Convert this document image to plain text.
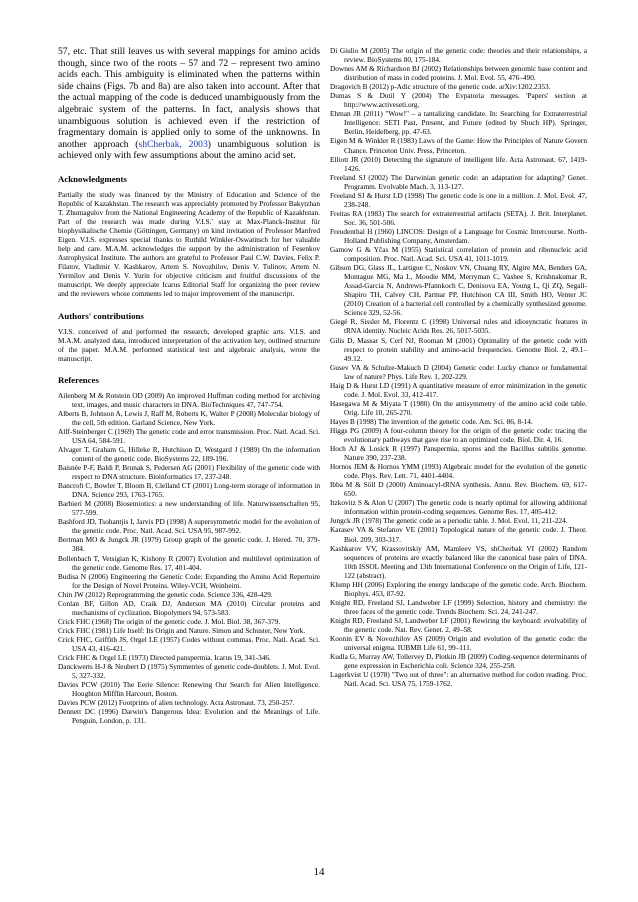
57, etc. That still leaves us with several mappings for amino acids though, since two of the roots – 57 and 72 – represent two amino acids each. This ambiguity is eliminated when the patterns within side chains (Figs. 7b and 8a) are also taken into account. After that the actual mapping of the code is deduced unambiguously from the algebraic system of the patterns. In fact, analysis shows that unambiguous solution is achieved even if the restriction of fragmentary domain is applied only to some of the unknowns. In another approach (shCherbak, 2003) unambiguous solution is achieved only with few assumptions about the amino acid set.

Acknowledgments

Partially the study was financed by the Ministry of Education and Science of the Republic of Kazakhstan. The research was appreciably promoted by Professor Bakytzhan T. Zhumagulov from the National Engineering Academy of the Republic of Kazakhstan. Part of the research was made during V.I.S.' stay at Max-Planck-Institut für biophysikalische Chemie (Göttingen, Germany) on kind invitation of Professor Manfred Eigen. V.I.S. expresses special thanks to Ruthild Winkler-Oswatitsch for her valuable help and care. M.A.M. acknowledges the support by the administration of Fesenkov Astrophysical Institute. The authors are grateful to Professor Paul C.W. Davies, Felix P. Filatov, Vladimir V. Kashkarov, Artem S. Novozhilov, Denis V. Tulinov, Artem N. Yermilov and Denis V. Yurin for objective criticism and fruitful discussions of the manuscript. We deeply appreciate Icarus Editorial Staff for organizing the peer review and the reviewers whose comments led to major improvement of the manuscript.

Authors' contributions

V.I.S. conceived of and performed the research, developed graphic arts. V.I.S. and M.A.M. analyzed data, introduced interpretation of the activation key, outlined structure of the paper. M.A.M. performed statistical test and algebraic analysis, wrote the manuscript.

References
Ailenberg M & Rotstein OD (2009) An improved Huffman coding method for archiving text, images, and music characters in DNA. BioTechniques 47, 747-754.
Alberts B, Johnson A, Lewis J, Raff M, Roberts K, Walter P (2008) Molecular biology of the cell, 5th edition. Garland Science, New York.
Alff-Steinberger C (1969) The genetic code and error transmission. Proc. Natl. Acad. Sci. USA 64, 584-591.
Alvager T, Graham G, Hilleke R, Hutchison D, Westgard J (1989) On the information content of the genetic code. BioSystems 22, 189-196.
Baisnée P-F, Baldi P, Brunak S, Pedersen AG (2001) Flexibility of the genetic code with respect to DNA structure. Bioinformatics 17, 237-248.
Bancroft C, Bowler T, Bloom B, Clelland CT (2001) Long-term storage of information in DNA. Science 293, 1763-1765.
Barbieri M (2008) Biosemiotics: a new understanding of life. Naturwissenschaften 95, 577-599.
Bashford JD, Tsohantjis I, Jarvis PD (1998) A supersymmetric model for the evolution of the genetic code. Proc. Natl. Acad. Sci. USA 95, 987-992.
Bertman MO & Jungck JR (1979) Group graph of the genetic code. J. Hered. 70, 379-384.
Bollenbach T, Vetsigian K, Kishony R (2007) Evolution and multilevel optimization of the genetic code. Genome Res. 17, 401-404.
Budisa N (2006) Engineering the Genetic Code: Expanding the Amino Acid Repertoire for the Design of Novel Proteins. Wiley-VCH, Weinheim.
Chin JW (2012) Reprogramming the genetic code. Science 336, 428-429.
Conlan BF, Gillon AD, Craik DJ, Anderson MA (2010) Circular proteins and mechanisms of cyclization. Biopolymers 94, 573-583.
Crick FHC (1968) The origin of the genetic code. J. Mol. Biol. 38, 367-379.
Crick FHC (1981) Life Itself: Its Origin and Nature. Simon and Schuster, New York.
Crick FHC, Griffith JS, Orgel LE (1957) Codes without commas. Proc. Natl. Acad. Sci. USA 43, 416-421.
Crick FHC & Orgel LE (1973) Directed panspermia. Icarus 19, 341-346.
Danckwerts H-J & Neubert D (1975) Symmetries of genetic code-doublets. J. Mol. Evol. 5, 327-332.
Davies PCW (2010) The Eerie Silence: Renewing Our Search for Alien Intelligence. Houghton Mifflin Harcourt, Boston.
Davies PCW (2012) Footprints of alien technology. Acta Astronaut. 73, 250-257.
Dennett DC (1996) Darwin's Dangerous Idea: Evolution and the Meanings of Life. Penguin, London, p. 131.
Di Giulio M (2005) The origin of the genetic code: theories and their relationships, a review. BioSystems 80, 175-184.
Downes AM & Richardson BJ (2002) Relationships between genomic base content and distribution of mass in coded proteins. J. Mol. Evol. 55, 476–490.
Dragovich B (2012) p-Adic structure of the genetic code. arXiv:1202.2353.
Dumas S & Dutil Y (2004) The Evpatoria messages. 'Papers' section at http://www.activeseti.org.
Ehman JR (2011) "Wow!" – a tantalizing candidate. In: Searching for Extraterrestrial Intelligence: SETI Past, Present, and Future (edited by Shuch HP). Springer, Berlin, Heidelberg, pp. 47-63.
Eigen M & Winkler R (1983) Laws of the Game: How the Principles of Nature Govern Chance. Princeton Univ. Press, Princeton.
Elliott JR (2010) Detecting the signature of intelligent life. Acta Astronaut. 67, 1419-1426.
Freeland SJ (2002) The Darwinian genetic code: an adaptation for adapting? Genet. Programm. Evolvable Mach. 3, 113-127.
Freeland SJ & Hurst LD (1998) The genetic code is one in a million. J. Mol. Evol. 47, 238-248.
Freitas RA (1983) The search for extraterrestrial artifacts (SETA). J. Brit. Interplanet. Soc. 36, 501-506.
Freudenthal H (1960) LINCOS: Design of a Language for Cosmic Intercourse. North-Holland Publishing Company, Amsterdam.
Gamow G & Yčas M (1955) Statistical correlation of protein and ribonucleic acid composition. Proc. Natl. Acad. Sci. USA 41, 1011-1019.
Gibson DG, Glass JL, Lartigue C, Noskov VN, Chuang RY, Algire MA, Benders GA, Montague MG, Ma L, Moodie MM, Merryman C, Vashee S, Krishnakumar R, Assad-Garcia N, Andrews-Pfannkoch C, Denisova EA, Young L, Qi ZQ, Segall-Shapiro TH, Calvey CH, Parmar PP, Hutchison CA III, Smith HO, Venter JC (2010) Creation of a bacterial cell controlled by a chemically synthesized genome. Science 329, 52-56.
Giegé R, Sissler M, Florentz C (1998) Universal rules and idiosyncratic features in tRNA identity. Nucleic Acids Res. 26, 5017-5035.
Gilis D, Massar S, Cerf NJ, Rooman M (2001) Optimality of the genetic code with respect to protein stability and amino-acid frequencies. Genome Biol. 2, 49.1–49.12.
Gusev VA & Schulze-Makuch D (2004) Genetic code: Lucky chance or fundamental law of nature? Phys. Life Rev. 1, 202-229.
Haig D & Hurst LD (1991) A quantitative measure of error minimization in the genetic code. J. Mol. Evol. 33, 412-417.
Hasegawa M & Miyata T (1980) On the antisymmetry of the amino acid code table. Orig. Life 10, 265-270.
Hayes B (1998) The invention of the genetic code. Am. Sci. 86, 8-14.
Higgs PG (2009) A four-column theory for the origin of the genetic code: tracing the evolutionary pathways that gave rise to an optimized code. Biol. Dir. 4, 16.
Hoch AJ & Losick R (1997) Panspermia, spores and the Bacillus subtilis genome. Nature 390, 237-238.
Hornos JEM & Hornos YMM (1993) Algebraic model for the evolution of the genetic code. Phys. Rev. Lett. 71, 4401-4404.
Ibba M & Söll D (2000) Aminoacyl-tRNA synthesis. Annu. Rev. Biochem. 69, 617-650.
Itzkovitz S & Alon U (2007) The genetic code is nearly optimal for allowing additional information within protein-coding sequences. Genome Res. 17, 405-412.
Jungck JR (1978) The genetic code as a periodic table. J. Mol. Evol. 11, 211-224.
Karasev VA & Stefanov VE (2001) Topological nature of the genetic code. J. Theor. Biol. 209, 303-317.
Kashkarov VV, Krassovitskiy AM, Mamleev VS, shCherbak VI (2002) Random sequences of proteins are exactly balanced like the canonical base pairs of DNA. 10th ISSOL Meeting and 13th International Conference on the Origin of Life, 121-122 (abstract).
Klump HH (2006) Exploring the energy landscape of the genetic code. Arch. Biochem. Biophys. 453, 87-92.
Knight RD, Freeland SJ, Landweber LF (1999) Selection, history and chemistry: the three faces of the genetic code. Trends Biochem. Sci. 24, 241-247.
Knight RD, Freeland SJ, Landweber LF (2001) Rewiring the keyboard: evolvability of the genetic code. Nat. Rev. Genet. 2, 49–58.
Koonin EV & Novozhilov AS (2009) Origin and evolution of the genetic code: the universal enigma. IUBMB Life 61, 99–111.
Kudla G, Murray AW, Tollervey D, Plotkin JB (2009) Coding-sequence determinants of gene expression in Escherichia coli. Science 324, 255-258.
Lagerkvist U (1978) "Two out of three": an alternative method for codon reading. Proc. Natl. Acad. Sci. USA 75, 1759-1762.
14
